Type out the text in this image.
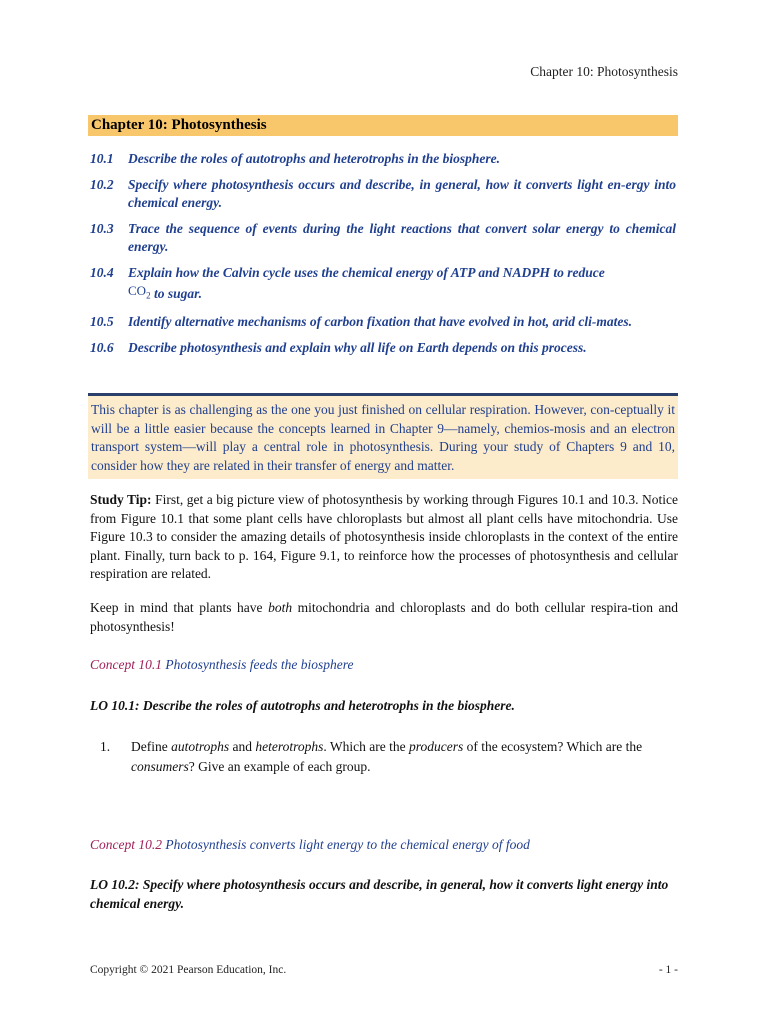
Chapter 10: Photosynthesis
Chapter 10: Photosynthesis
10.1	Describe the roles of autotrophs and heterotrophs in the biosphere.
10.2	Specify where photosynthesis occurs and describe, in general, how it converts light en-ergy into chemical energy.
10.3	Trace the sequence of events during the light reactions that convert solar energy to chemical energy.
10.4	Explain how the Calvin cycle uses the chemical energy of ATP and NADPH to reduce
$CO_2$ to sugar.
10.5	Identify alternative mechanisms of carbon fixation that have evolved in hot, arid cli-mates.
10.6	Describe photosynthesis and explain why all life on Earth depends on this process.
This chapter is as challenging as the one you just finished on cellular respiration. However, con-ceptually it will be a little easier because the concepts learned in Chapter 9—namely, chemios-mosis and an electron transport system—will play a central role in photosynthesis. During your study of Chapters 9 and 10, consider how they are related in their transfer of energy and matter.
Study Tip: First, get a big picture view of photosynthesis by working through Figures 10.1 and 10.3. Notice from Figure 10.1 that some plant cells have chloroplasts but almost all plant cells have mitochondria. Use Figure 10.3 to consider the amazing details of photosynthesis inside chloroplasts in the context of the entire plant. Finally, turn back to p. 164, Figure 9.1, to reinforce how the processes of photosynthesis and cellular respiration are related.
Keep in mind that plants have both mitochondria and chloroplasts and do both cellular respira-tion and photosynthesis!
Concept 10.1 Photosynthesis feeds the biosphere
LO 10.1: Describe the roles of autotrophs and heterotrophs in the biosphere.
1.	Define autotrophs and heterotrophs. Which are the producers of the ecosystem? Which are the consumers? Give an example of each group.
Concept 10.2 Photosynthesis converts light energy to the chemical energy of food
LO 10.2: Specify where photosynthesis occurs and describe, in general, how it converts light energy into chemical energy.
Copyright © 2021 Pearson Education, Inc.	- 1 -
